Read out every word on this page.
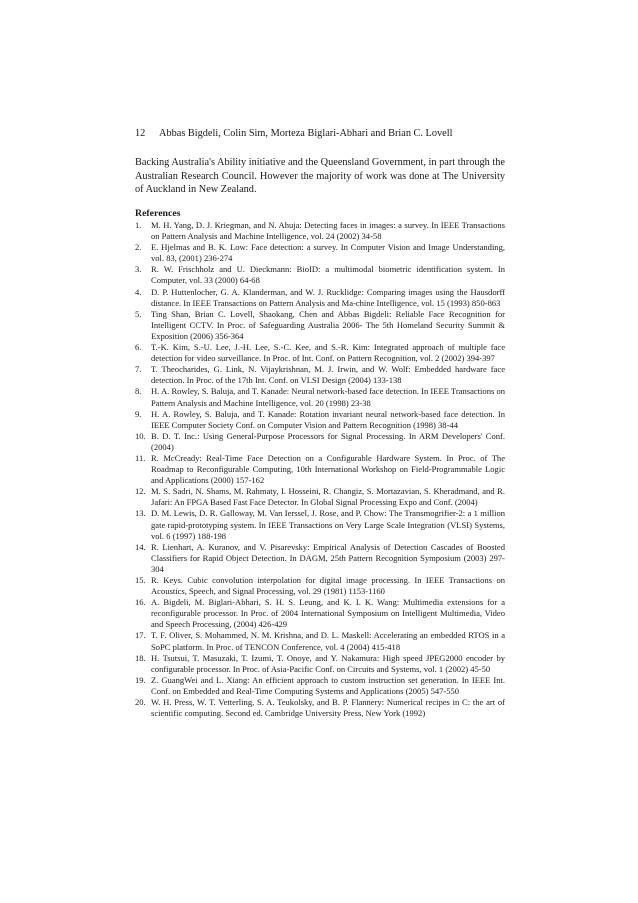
12 Abbas Bigdeli, Colin Sim, Morteza Biglari-Abhari and Brian C. Lovell

Backing Australia's Ability initiative and the Queensland Government, in part through the Australian Research Council. However the majority of work was done at The University of Auckland in New Zealand.

References
1. M. H. Yang, D. J. Kriegman, and N. Ahuja: Detecting faces in images: a survey. In IEEE Transactions on Pattern Analysis and Machine Intelligence, vol. 24 (2002) 34-58
2. E. Hjelmas and B. K. Low: Face detection: a survey. In Computer Vision and Image Understanding, vol. 83, (2001) 236-274
3. R. W. Frischholz and U. Dieckmann: BioID: a multimodal biometric identification system. In Computer, vol. 33 (2000) 64-68
4. D. P. Huttenlocher, G. A. Klanderman, and W. J. Rucklidge: Comparing images using the Hausdorff distance. In IEEE Transactions on Pattern Analysis and Ma-chine Intelligence, vol. 15 (1993) 850-863
5. Ting Shan, Brian C. Lovell, Shaokang, Chen and Abbas Bigdeli: Reliable Face Recognition for Intelligent CCTV. In Proc. of Safeguarding Australia 2006- The 5th Homeland Security Summit & Exposition (2006) 356-364
6. T.-K. Kim, S.-U. Lee, J.-H. Lee, S.-C. Kee, and S.-R. Kim: Integrated approach of multiple face detection for video surveillance. In Proc. of Int. Conf. on Pattern Recognition, vol. 2 (2002) 394-397
7. T. Theocharides, G. Link, N. Vijaykrishnan, M. J. Irwin, and W. Wolf: Embedded hardware face detection. In Proc. of the 17th Int. Conf. on VLSI Design (2004) 133-138
8. H. A. Rowley, S. Baluja, and T. Kanade: Neural network-based face detection. In IEEE Transactions on Pattern Analysis and Machine Intelligence, vol. 20 (1998) 23-38
9. H. A. Rowley, S. Baluja, and T. Kanade: Rotation invariant neural network-based face detection. In IEEE Computer Society Conf. on Computer Vision and Pattern Recognition (1998) 38-44
10. B. D. T. Inc.: Using General-Purpose Processors for Signal Processing. In ARM Developers' Conf. (2004)
11. R. McCready: Real-Time Face Detection on a Configurable Hardware System. In Proc. of The Roadmap to Reconfigurable Computing, 10th International Workshop on Field-Programmable Logic and Applications (2000) 157-162
12. M. S. Sadri, N. Shams, M. Rahmaty, I. Hosseini, R. Changiz, S. Mortazavian, S. Kheradmand, and R. Jafari: An FPGA Based Fast Face Detector. In Global Signal Processing Expo and Conf. (2004)
13. D. M. Lewis, D. R. Galloway, M. Van Ierssel, J. Rose, and P. Chow: The Transmogrifier-2: a 1 million gate rapid-prototyping system. In IEEE Transactions on Very Large Scale Integration (VLSI) Systems, vol. 6 (1997) 188-198
14. R. Lienhart, A. Kuranov, and V. Pisarevsky: Empirical Analysis of Detection Cascades of Boosted Classifiers for Rapid Object Detection. In DAGM, 25th Pattern Recognition Symposium (2003) 297-304
15. R. Keys. Cubic convolution interpolation for digital image processing. In IEEE Transactions on Acoustics, Speech, and Signal Processing, vol. 29 (1981) 1153-1160
16. A. Bigdeli, M. Biglari-Abhari, S. H. S. Leung, and K. I. K. Wang: Multimedia extensions for a reconfigurable processor. In Proc. of 2004 International Symposium on Intelligent Multimedia, Video and Speech Processing, (2004) 426-429
17. T. F. Oliver, S. Mohammed, N. M. Krishna, and D. L. Maskell: Accelerating an embedded RTOS in a SoPC platform. In Proc. of TENCON Conference, vol. 4 (2004) 415-418
18. H. Tsutsui, T. Masuzaki, T. Izumi, T. Onoye, and Y. Nakamura: High speed JPEG2000 encoder by configurable processor. In Proc. of Asia-Pacific Conf. on Circuits and Systems, vol. 1 (2002) 45-50
19. Z. GuangWei and L. Xiang: An efficient approach to custom instruction set generation. In IEEE Int. Conf. on Embedded and Real-Time Computing Systems and Applications (2005) 547-550
20. W. H. Press, W. T. Vetterling, S. A. Teukolsky, and B. P. Flannery: Numerical recipes in C: the art of scientific computing. Second ed. Cambridge University Press, New York (1992)
